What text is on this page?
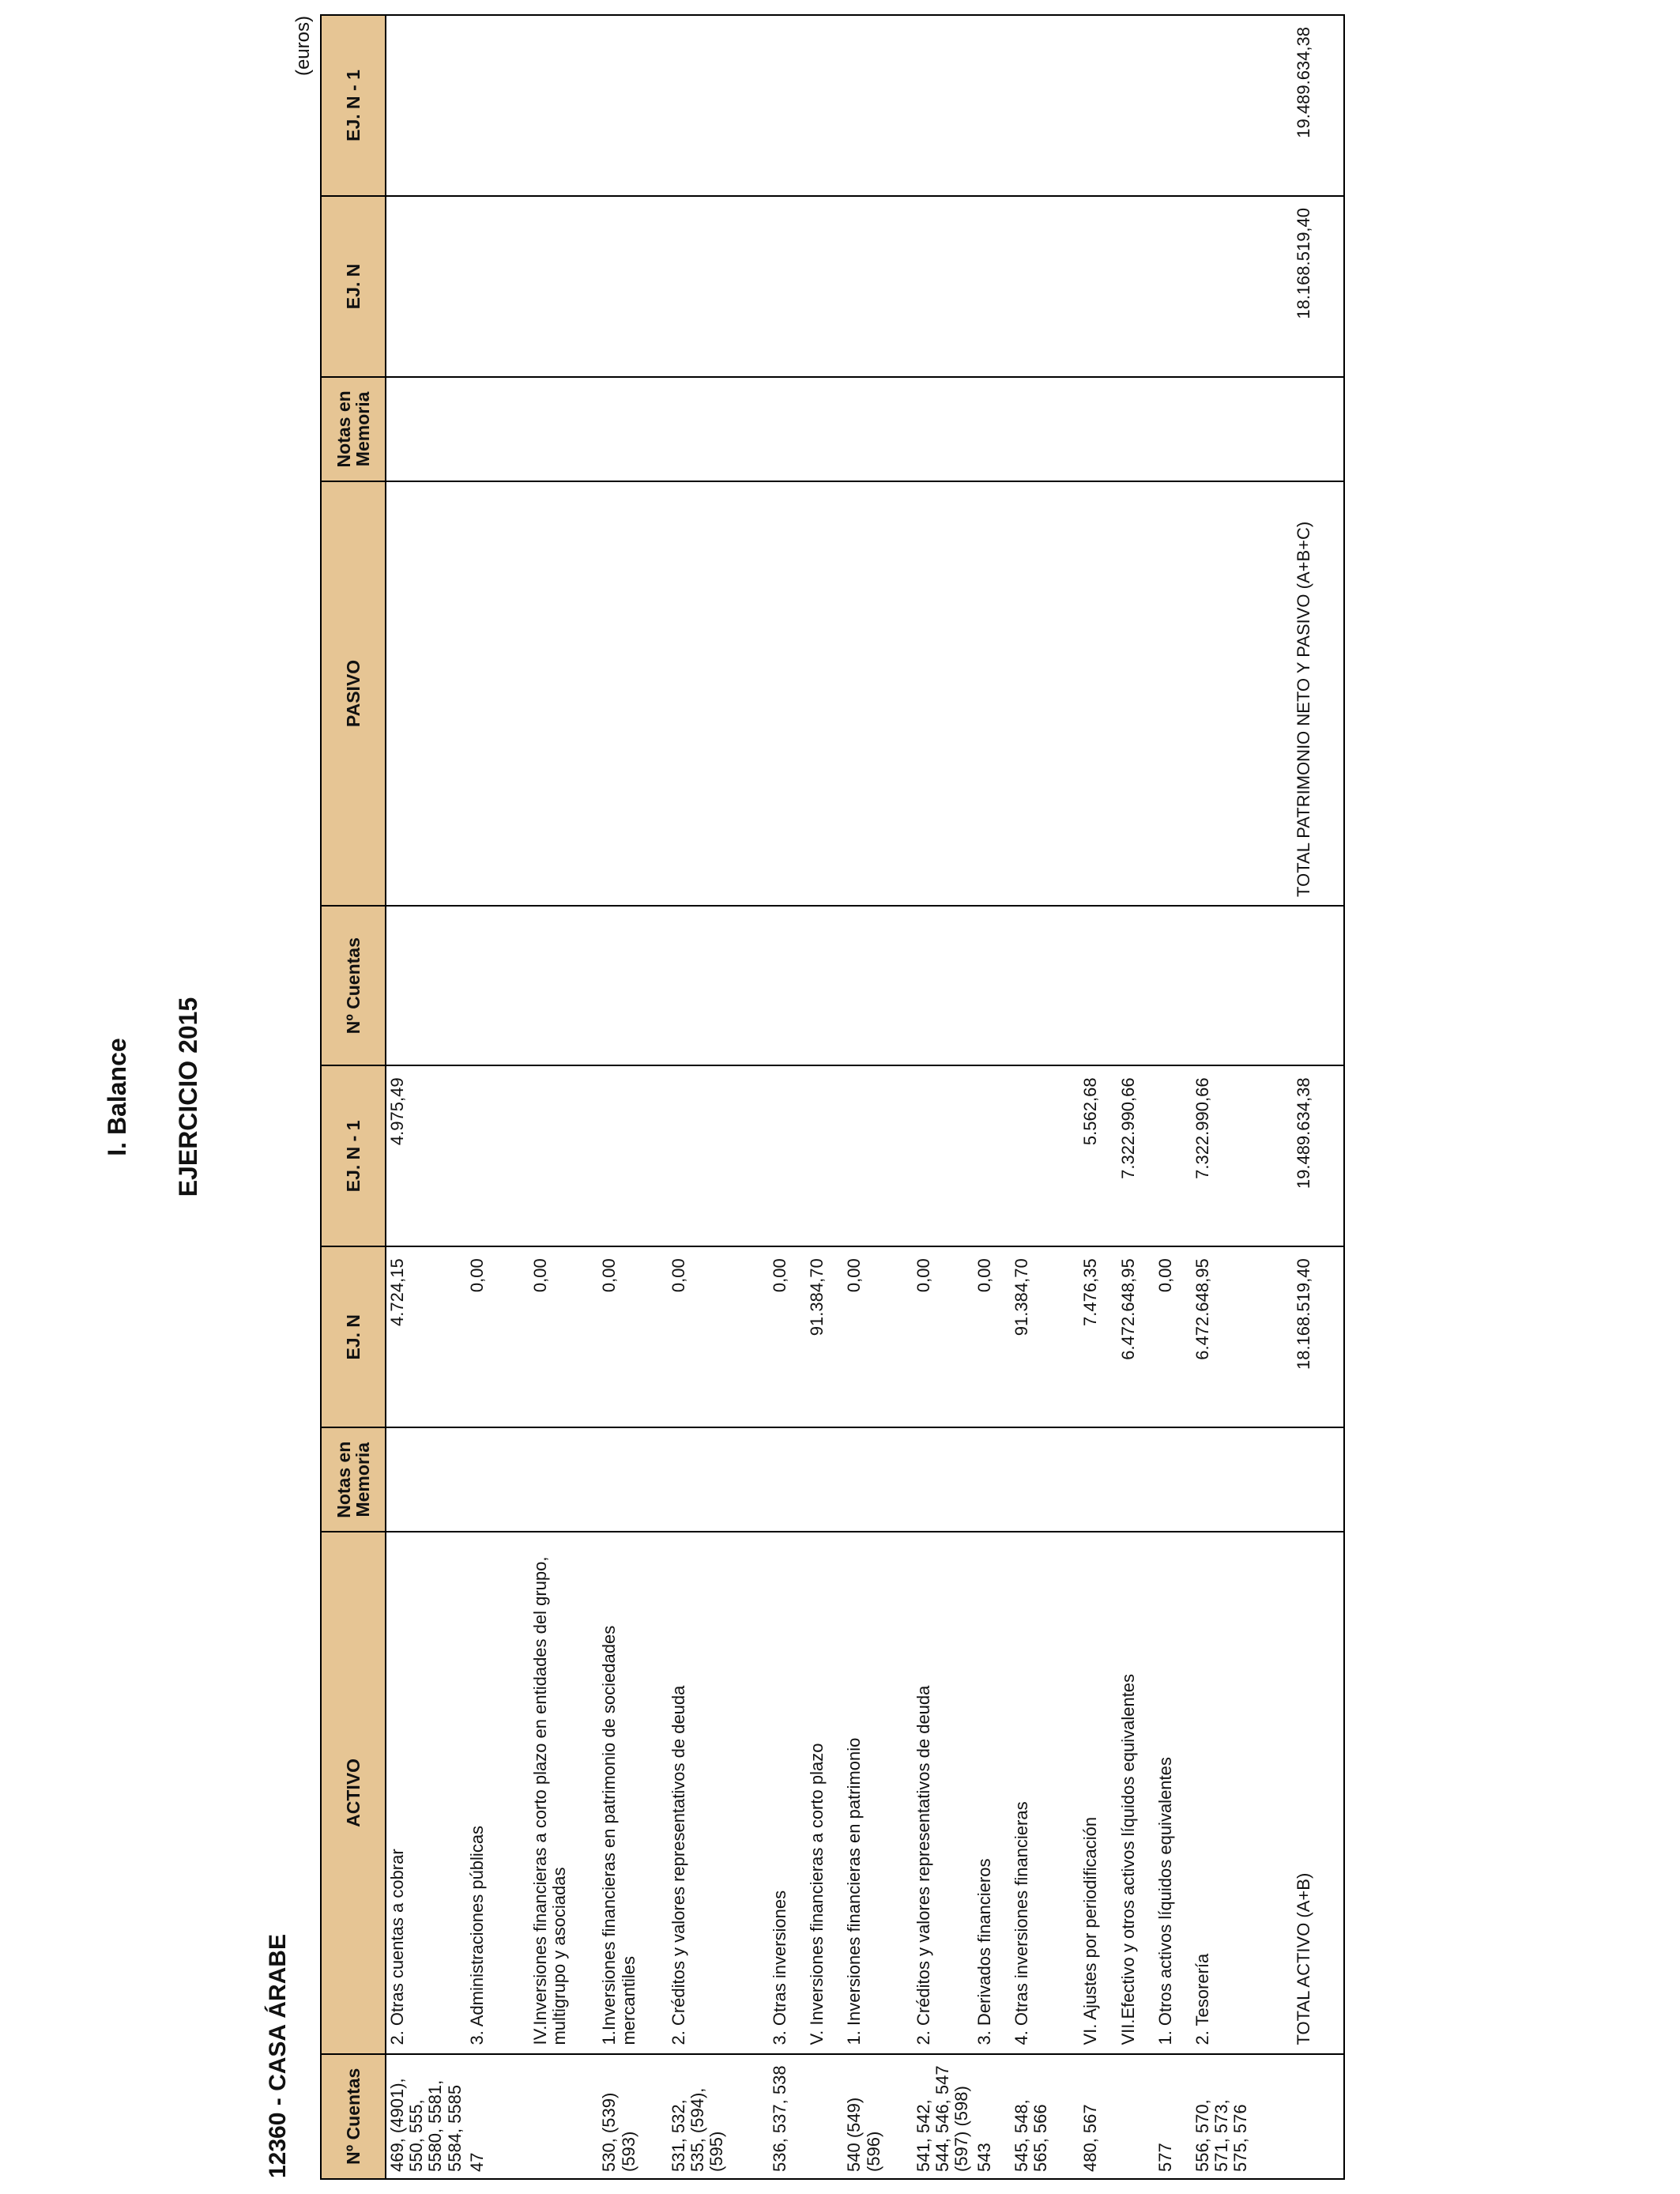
I. Balance EJERCICIO 2015
12360 - CASA ÁRABE
(euros)
Nº Cuentas	ACTIVO	Notas en Memoria	EJ. N	EJ. N - 1	Nº Cuentas	PASIVO	Notas en Memoria	EJ. N	EJ. N - 1
469, (4901), 550, 555, 5580, 5581, 5584, 5585	2. Otras cuentas a cobrar		4.724,15	4.975,49					
47	3. Administraciones públicas		0,00						

	IV.Inversiones financieras a corto plazo en entidades del grupo, multigrupo y asociadas		0,00						
530, (539) (593)	1.Inversiones financieras en patrimonio de sociedades mercantiles		0,00						
531, 532, 535, (594), (595)	2. Créditos y valores representativos de deuda		0,00						
536, 537, 538	3. Otras inversiones		0,00						
	V. Inversiones financieras a corto plazo		91.384,70						
540 (549) (596)	1. Inversiones financieras en patrimonio		0,00						
541, 542, 544, 546, 547 (597) (598)	2. Créditos y valores representativos de deuda		0,00						
543	3. Derivados financieros		0,00						
545, 548, 565, 566	4. Otras inversiones financieras		91.384,70						
480, 567	VI. Ajustes por periodificación		7.476,35	5.562,68					
	VII.Efectivo y otros activos líquidos equivalentes		6.472.648,95	7.322.990,66					
577	1. Otros activos líquidos equivalentes		0,00						
556, 570, 571, 573, 575, 576	2. Tesorería		6.472.648,95	7.322.990,66					
	TOTAL ACTIVO (A+B)		18.168.519,40	19.489.634,38		TOTAL PATRIMONIO NETO Y PASIVO (A+B+C)		18.168.519,40	19.489.634,38
